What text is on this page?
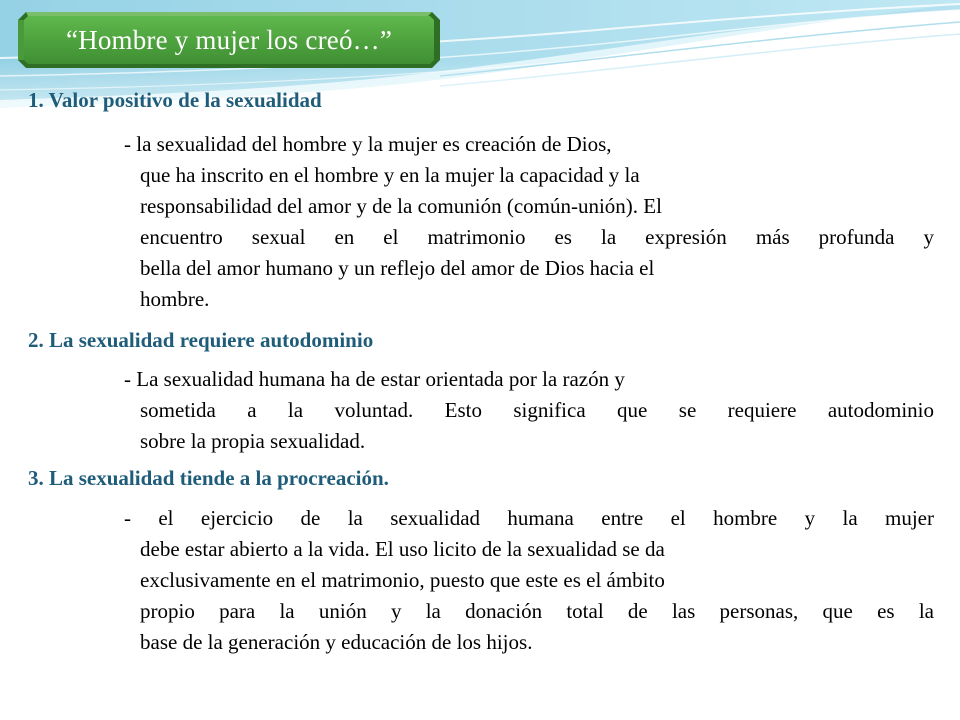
“Hombre y mujer los creó…”
1. Valor positivo de la sexualidad
- la sexualidad del hombre y la mujer es creación de Dios,
que ha inscrito en el hombre y en la mujer la capacidad y la
responsabilidad del amor y de la comunión (común-unión). El
encuentro sexual en el matrimonio es la expresión más profunda y
bella del amor humano y un reflejo del amor de Dios hacia el
hombre.
2. La sexualidad requiere autodominio
- La sexualidad humana ha de estar orientada por la razón y
sometida a la voluntad. Esto significa que se requiere autodominio
sobre la propia sexualidad.
3. La sexualidad tiende a la procreación.
- el ejercicio de la sexualidad humana entre el hombre y la mujer
debe estar abierto a la vida. El uso licito de la sexualidad se da
exclusivamente en el matrimonio, puesto que este es el ámbito
propio para la unión y la donación total de las personas, que es la
base de la generación y educación de los hijos.
